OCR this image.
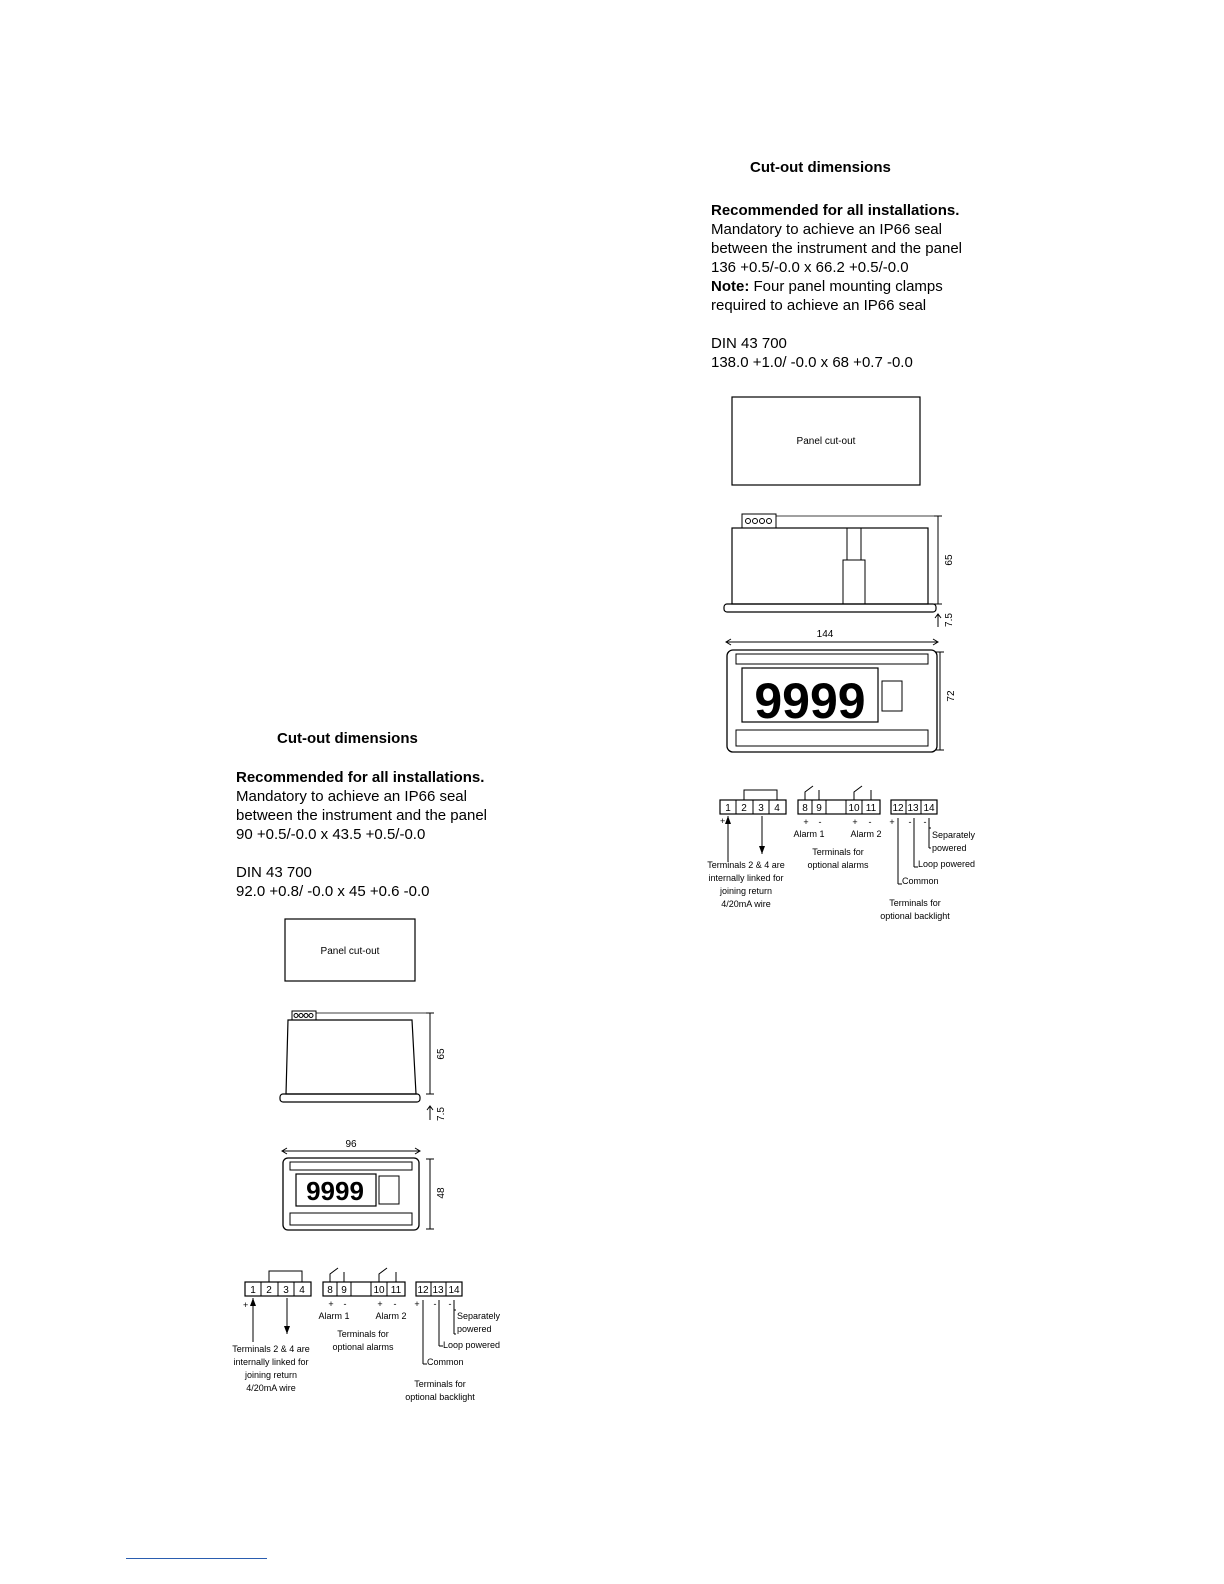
Cut-out dimensions
Recommended for all installations.
Mandatory to achieve an IP66 seal
between the instrument and the panel
136 +0.5/-0.0 x 66.2 +0.5/-0.0
Note: Four panel mounting clamps
required to achieve an IP66 seal
DIN 43 700
138.0 +1.0/ -0.0 x 68 +0.7 -0.0
Panel cut-out
65
7.5
144
9999	72
1 2 3 4
+
Terminals 2 & 4 are
internally linked for
joining return
4/20mA wire
8 9	10 11
+ -	+ -
Alarm 1	Alarm 2
Terminals for
optional alarms
12 13 14
+ - -
Separately
powered
Loop powered
Common
Terminals for
optional backlight
Cut-out dimensions
Recommended for all installations.
Mandatory to achieve an IP66 seal
between the instrument and the panel
90 +0.5/-0.0 x 43.5 +0.5/-0.0
DIN 43 700
92.0 +0.8/ -0.0 x 45 +0.6 -0.0
Panel cut-out
65
7.5
96
9999	48
1 2 3 4
+
Terminals 2 & 4 are
internally linked for
joining return
4/20mA wire
8 9	10 11
+ -	+ -
Alarm 1	Alarm 2
Terminals for
optional alarms
12 13 14
+ - -
Separately
powered
Loop powered
Common
Terminals for
optional backlight
